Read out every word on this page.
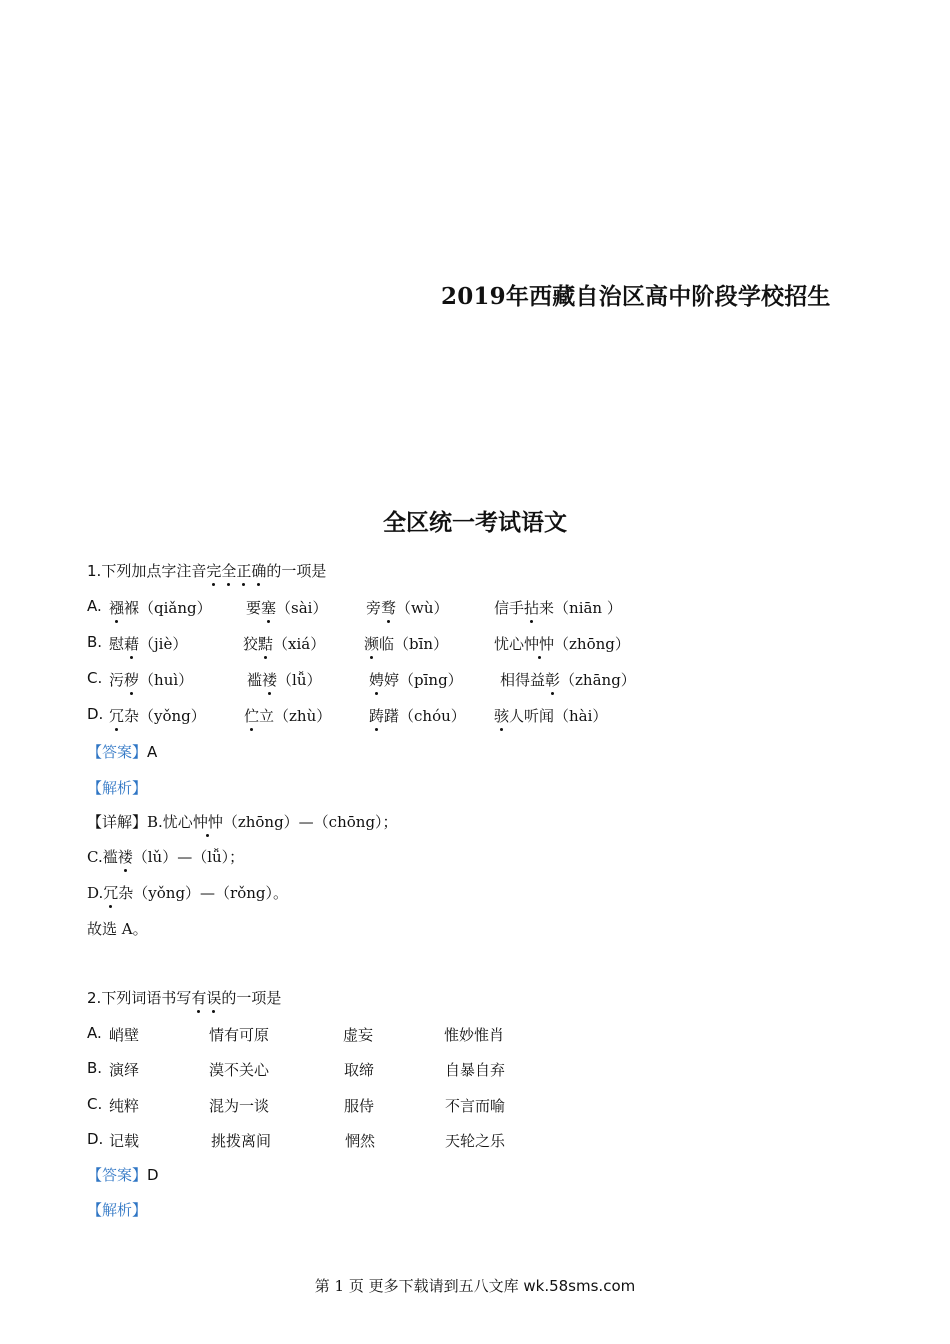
2019年西藏自治区高中阶段学校招生
全区统一考试语文
1.下列加点字注音完全正确的一项是
A. 襁褓（qiǎng） 要塞（sài）	旁骛（wù）	信手拈来（niān ）
B. 慰藉（jiè）	狡黠（xiá）	濒临（bīn）	忧心忡忡（zhōng）
C. 污秽（huì）	褴褛（lǚ）	娉婷（pīng） 相得益彰（zhāng）
D. 冗杂（yǒng）	伫立（zhù）	踌躇（chóu） 骇人听闻（hài）
【答案】A
【解析】
【详解】B.忧心忡忡（zhōng）—（chōng）；
C.褴褛（lǔ）—（lǚ）；
D.冗杂（yǒng）—（rǒng）。
故选 A。
2.下列词语书写有误的一项是
A. 峭壁	情有可原	虚妄	惟妙惟肖
B. 演绎	漠不关心	取缔	自暴自弃
C. 纯粹	混为一谈	服侍	不言而喻
D. 记载	挑拨离间	惘然	天轮之乐
【答案】D
【解析】
第 1 页 更多下载请到五八文库 wk.58sms.com
